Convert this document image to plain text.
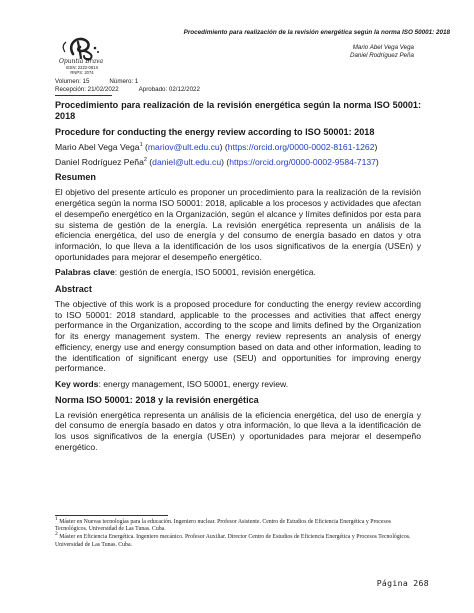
Procedimiento para realización de la revisión energética según la norma ISO 50001: 2018
Opuntia Brava
ISSN: 2222-081X
RNPS: 2074
Mario Abel Vega Vega
Daniel Rodríguez Peña
Volumen: 15	Número: 1
Recepción: 21/02/2022	Aprobado: 02/12/2022

Procedimiento para realización de la revisión energética según la norma ISO 50001: 2018

Procedure for conducting the energy review according to ISO 50001: 2018

Mario Abel Vega Vega$^1$ (mariov@ult.edu.cu) (https://orcid.org/0000-0002-8161-1262)

Daniel Rodríguez Peña$^2$ (daniel@ult.edu.cu) (https://orcid.org/0000-0002-9584-7137)

Resumen

El objetivo del presente artículo es proponer un procedimiento para la realización de la revisión energética según la norma ISO 50001: 2018, aplicable a los procesos y actividades que afectan el desempeño energético en la Organización, según el alcance y límites definidos por esta para su sistema de gestión de la energía. La revisión energética representa un análisis de la eficiencia energética, del uso de energía y del consumo de energía basado en datos y otra información, lo que lleva a la identificación de los usos significativos de la energía (USEn) y oportunidades para mejorar el desempeño energético.

Palabras clave: gestión de energía, ISO 50001, revisión energética.

Abstract

The objective of this work is a proposed procedure for conducting the energy review according to ISO 50001: 2018 standard, applicable to the processes and activities that affect energy performance in the Organization, according to the scope and limits defined by the Organization for its energy management system. The energy review represents an analysis of energy efficiency, energy use and energy consumption based on data and other information, leading to the identification of significant energy use (SEU) and opportunities for improving energy performance.

Key words: energy management, ISO 50001, energy review.

Norma ISO 50001: 2018 y la revisión energética

La revisión energética representa un análisis de la eficiencia energética, del uso de energía y del consumo de energía basado en datos y otra información, lo que lleva a la identificación de los usos significativos de la energía (USEn) y oportunidades para mejorar el desempeño energético.

$^1$ Máster en Nuevas tecnologías para la educación. Ingeniero nuclear. Profesor Asistente. Centro de Estudios de Eficiencia Energética y Procesos Tecnológicos. Universidad de Las Tunas. Cuba.

$^2$ Máster en Eficiencia Energética. Ingeniero mecánico. Profesor Auxiliar. Director Centro de Estudios de Eficiencia Energética y Procesos Tecnológicos. Universidad de Las Tunas. Cuba.

Página 268
